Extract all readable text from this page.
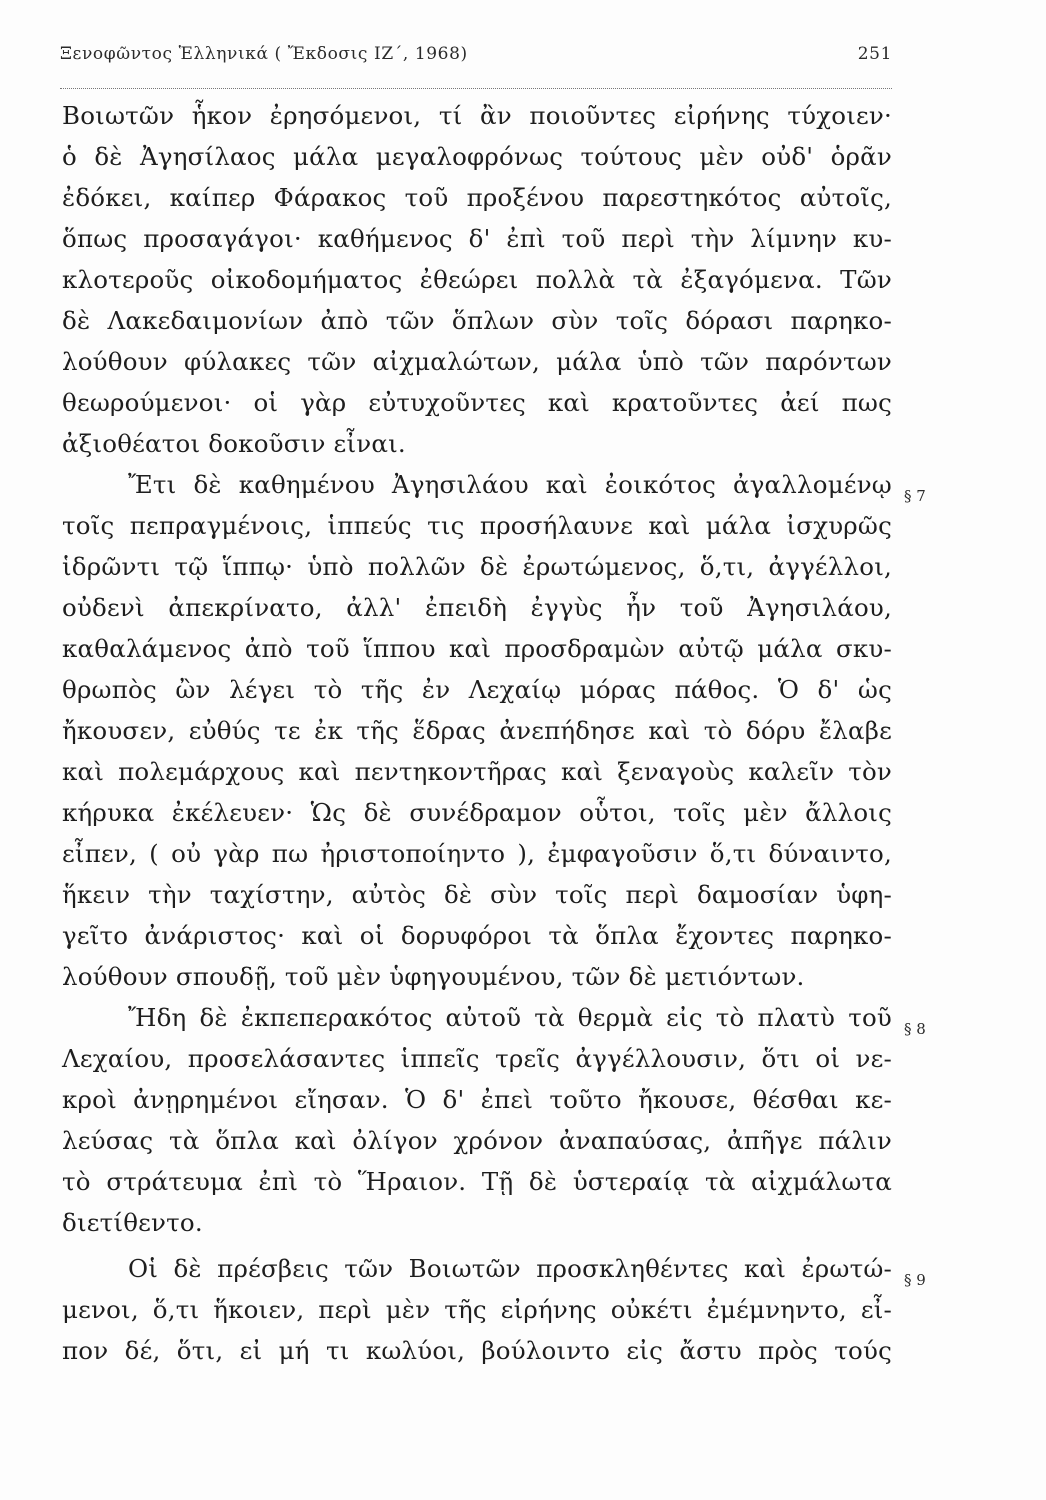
Ξενοφῶντος Ἑλληνικά ( Ἔκδοσις ΙΖ΄, 1968)	251
Βοιωτῶν ἧκον ἐρησόμενοι, τί ἂν ποιοῦντες εἰρήνης τύχοιεν·
ὁ δὲ Ἀγησίλαος μάλα μεγαλοφρόνως τούτους μὲν οὐδ' ὁρᾶν
ἐδόκει, καίπερ Φάρακος τοῦ προξένου παρεστηκότος αὐτοῖς,
ὅπως προσαγάγοι· καθήμενος δ' ἐπὶ τοῦ περὶ τὴν λίμνην κυ-
κλοτεροῦς οἰκοδομήματος ἐθεώρει πολλὰ τὰ ἐξαγόμενα. Τῶν
δὲ Λακεδαιμονίων ἀπὸ τῶν ὅπλων σὺν τοῖς δόρασι παρηκο-
λούθουν φύλακες τῶν αἰχμαλώτων, μάλα ὑπὸ τῶν παρόντων
θεωρούμενοι· οἱ γὰρ εὐτυχοῦντες καὶ κρατοῦντες ἀεί πως
ἀξιοθέατοι δοκοῦσιν εἶναι.
Ἔτι δὲ καθημένου Ἀγησιλάου καὶ ἐοικότος ἀγαλλομένῳ
τοῖς πεπραγμένοις, ἱππεύς τις προσήλαυνε καὶ μάλα ἰσχυρῶς
ἱδρῶντι τῷ ἵππῳ· ὑπὸ πολλῶν δὲ ἐρωτώμενος, ὅ,τι, ἀγγέλλοι,
οὐδενὶ ἀπεκρίνατο, ἀλλ' ἐπειδὴ ἐγγὺς ἦν τοῦ Ἀγησιλάου,
καθαλάμενος ἀπὸ τοῦ ἵππου καὶ προσδραμὼν αὐτῷ μάλα σκυ-
θρωπὸς ὢν λέγει τὸ τῆς ἐν Λεχαίῳ μόρας πάθος. Ὁ δ' ὡς
ἤκουσεν, εὐθύς τε ἐκ τῆς ἕδρας ἀνεπήδησε καὶ τὸ δόρυ ἔλαβε
καὶ πολεμάρχους καὶ πεντηκοντῆρας καὶ ξεναγοὺς καλεῖν τὸν
κήρυκα ἐκέλευεν· Ὡς δὲ συνέδραμον οὗτοι, τοῖς μὲν ἄλλοις
εἶπεν, ( οὐ γὰρ πω ἠριστοποίηντο ), ἐμφαγοῦσιν ὅ,τι δύναιντο,
ἥκειν τὴν ταχίστην, αὐτὸς δὲ σὺν τοῖς περὶ δαμοσίαν ὑφη-
γεῖτο ἀνάριστος· καὶ οἱ δορυφόροι τὰ ὅπλα ἔχοντες παρηκο-
λούθουν σπουδῇ, τοῦ μὲν ὑφηγουμένου, τῶν δὲ μετιόντων.
Ἤδη δὲ ἐκπεπερακότος αὐτοῦ τὰ θερμὰ εἰς τὸ πλατὺ τοῦ
Λεχαίου, προσελάσαντες ἱππεῖς τρεῖς ἀγγέλλουσιν, ὅτι οἱ νε-
κροὶ ἀνῃρημένοι εἴησαν. Ὁ δ' ἐπεὶ τοῦτο ἤκουσε, θέσθαι κε-
λεύσας τὰ ὅπλα καὶ ὀλίγον χρόνον ἀναπαύσας, ἀπῆγε πάλιν
τὸ στράτευμα ἐπὶ τὸ Ἥραιον. Τῇ δὲ ὑστεραίᾳ τὰ αἰχμάλωτα
διετίθεντο.
Οἱ δὲ πρέσβεις τῶν Βοιωτῶν προσκληθέντες καὶ ἐρωτώ-
μενοι, ὅ,τι ἥκοιεν, περὶ μὲν τῆς εἰρήνης οὐκέτι ἐμέμνηντο, εἶ-
πον δέ, ὅτι, εἰ μή τι κωλύοι, βούλοιντο εἰς ἄστυ πρὸς τούς
§ 7
§ 8
§ 9
